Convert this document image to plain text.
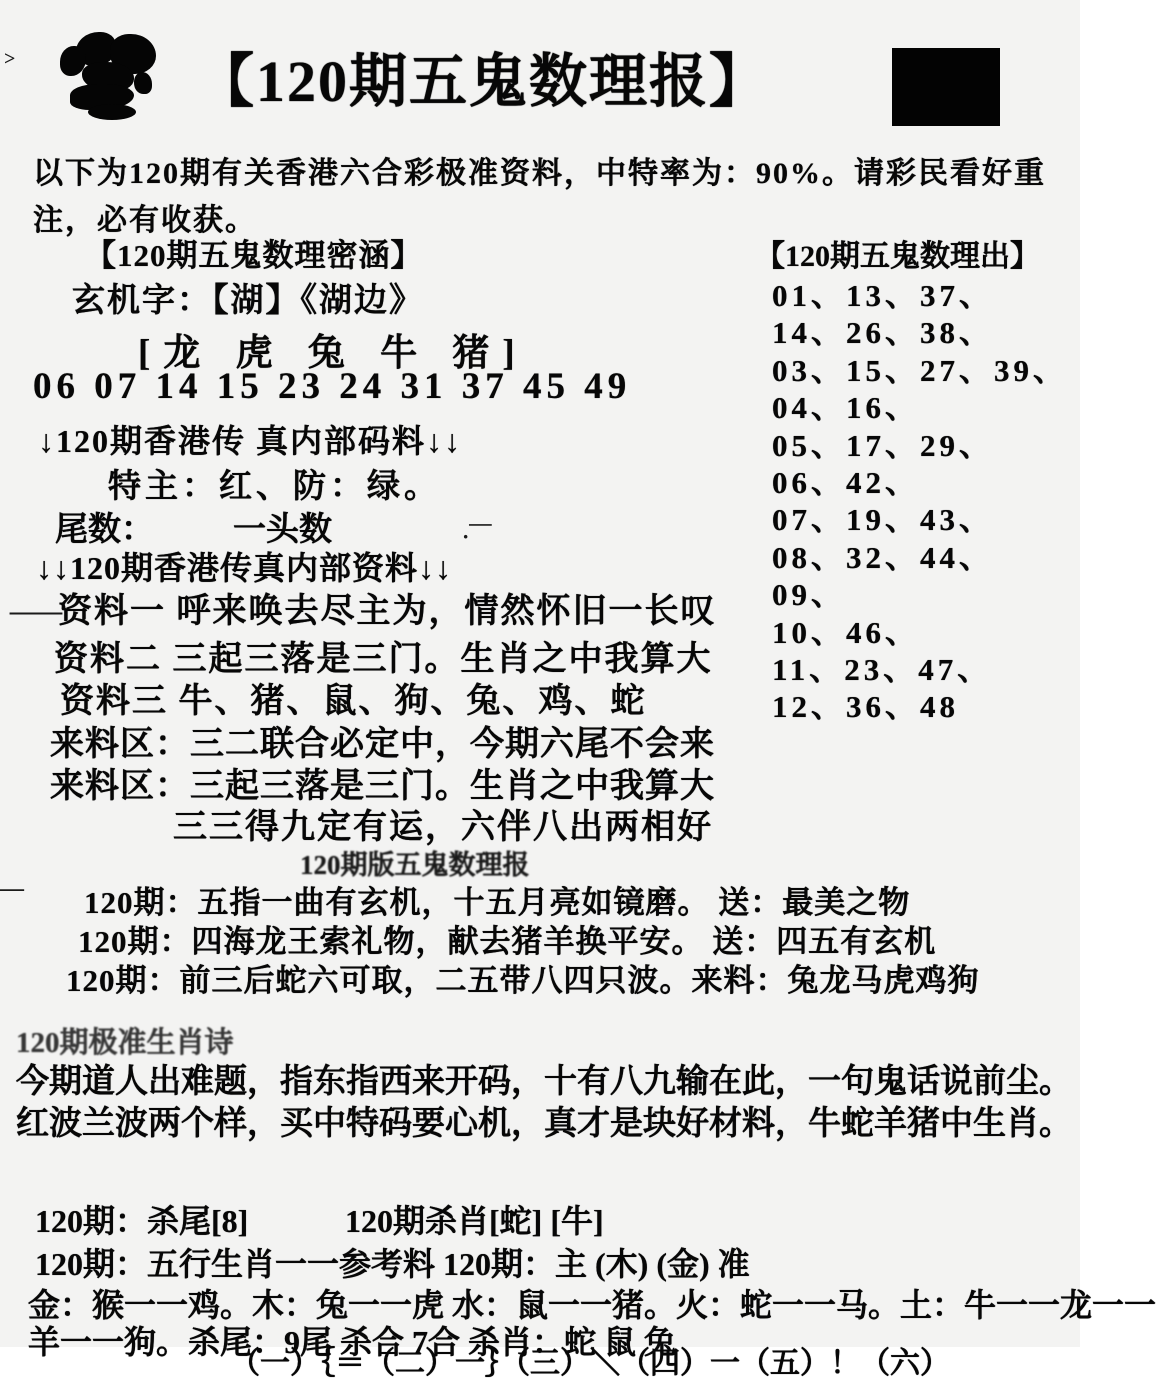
>	【120期五鬼数理报】
以下为120期有关香港六合彩极准资料，中特率为：90%。请彩民看好重注，必有收获。
【120期五鬼数理密涵】
玄机字：【湖】《湖边》
[龙 虎 兔 牛 猪]
06 07 14 15 23 24 31 37 45 49
↓120期香港传 真内部码料↓↓
特主：红、防：绿。
尾数： 一头数
↓↓120期香港传真内部资料↓↓
·￣
＿＿
资料一 呼来唤去尽主为，情然怀旧一长叹
资料二 三起三落是三门。生肖之中我算大
资料三 牛、猪、鼠、狗、兔、鸡、蛇
来料区：三二联合必定中，今期六尾不会来
来料区：三起三落是三门。生肖之中我算大
三三得九定有运，六伴八出两相好
【120期五鬼数理出】
01、13、37、
14、26、38、
03、15、27、39、
04、16、
05、17、29、
06、42、
07、19、43、
08、32、44、
09、
10、46、
11、23、47、
12、36、48
120期版五鬼数理报
— 120期：五指一曲有玄机，十五月亮如镜磨。 送：最美之物
120期：四海龙王索礼物，献去猪羊换平安。 送：四五有玄机
120期：前三后蛇六可取，二五带八四只波。来料：兔龙马虎鸡狗
120期极准生肖诗
今期道人出难题，指东指西来开码，十有八九输在此，一句鬼话说前尘。
红波兰波两个样，买中特码要心机，真才是块好材料，牛蛇羊猪中生肖。
120期：杀尾[8]	120期杀肖[蛇] [牛]
120期：五行生肖一一参考料 120期：主 (木) (金) 准
金：猴一一鸡。木：兔一一虎 水：鼠一一猪。火：蛇一一马。土：牛一一龙一一
羊一一狗。杀尾：9尾 杀合 7合 杀肖：蛇 鼠 兔
（一）｛＝（二）一｝（三）＼（四）一（五）！（六）
